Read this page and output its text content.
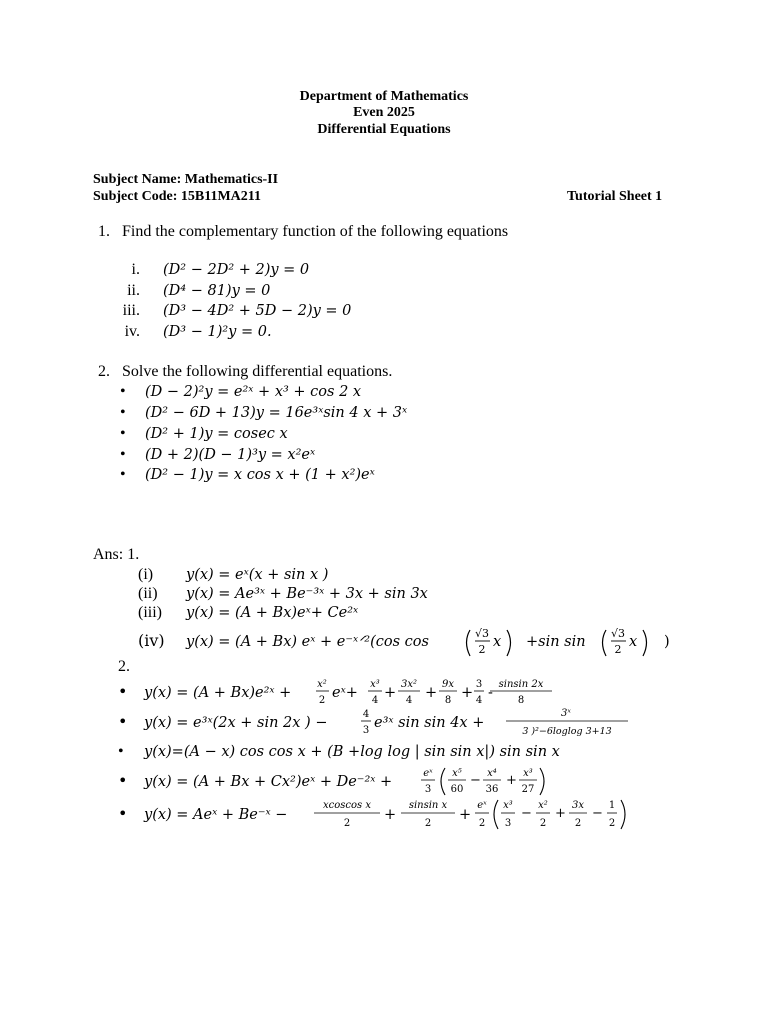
Department of Mathematics
Even 2025
Differential Equations
Subject Name: Mathematics-II
Subject Code: 15B11MA211	Tutorial Sheet 1
1. Find the complementary function of the following equations
i. (D² − 2D² + 2)y = 0
ii. (D⁴ − 81)y = 0
iii. (D³ − 4D² + 5D − 2)y = 0
iv. (D³ − 1)²y = 0.
2. Solve the following differential equations.
• (D − 2)²y = e²ˣ + x³ + cos 2 x
• (D² − 6D + 13)y = 16e³ˣsin 4 x + 3ˣ
• (D² + 1)y = cosec x
• (D + 2)(D − 1)³y = x²eˣ
• (D² − 1)y = x cos x + (1 + x²)eˣ
Ans: 1.
(i) y(x) = eˣ(x + sin x )
(ii) y(x) = Ae³ˣ + Be⁻³ˣ + 3x + sin 3x
(iii) y(x) = (A + Bx)eˣ+ Ce²ˣ
(iv) y(x) = (A + Bx) eˣ + e⁻ˣᐟ²(cos cos
√3
2 x +sin sin
√3
2 x )
2.
• y(x) = (A + Bx)e²ˣ +
x²
2 eˣ+
x³
4 +
3x²
4 +
9x
8 +
3
4 -
sinsin 2x
8
• y(x) = e³ˣ(2x + sin 2x ) −
4
3 e³ˣ sin sin 4x +
3ˣ
3 )²−6loglog 3+13
• y(x)=(A − x) cos cos x + (B +log log | sin sin x|) sin sin x
• y(x) = (A + Bx + Cx²)eˣ + De⁻²ˣ +
eˣ
3
x⁵
60
− x⁴
36
+ x³
27
• y(x) = Aeˣ + Be⁻ˣ −
xcoscos x
2
+
sinsin x
2
+
eˣ
2
x³
3
−
x²
2
+
3x
2
−
1
2
